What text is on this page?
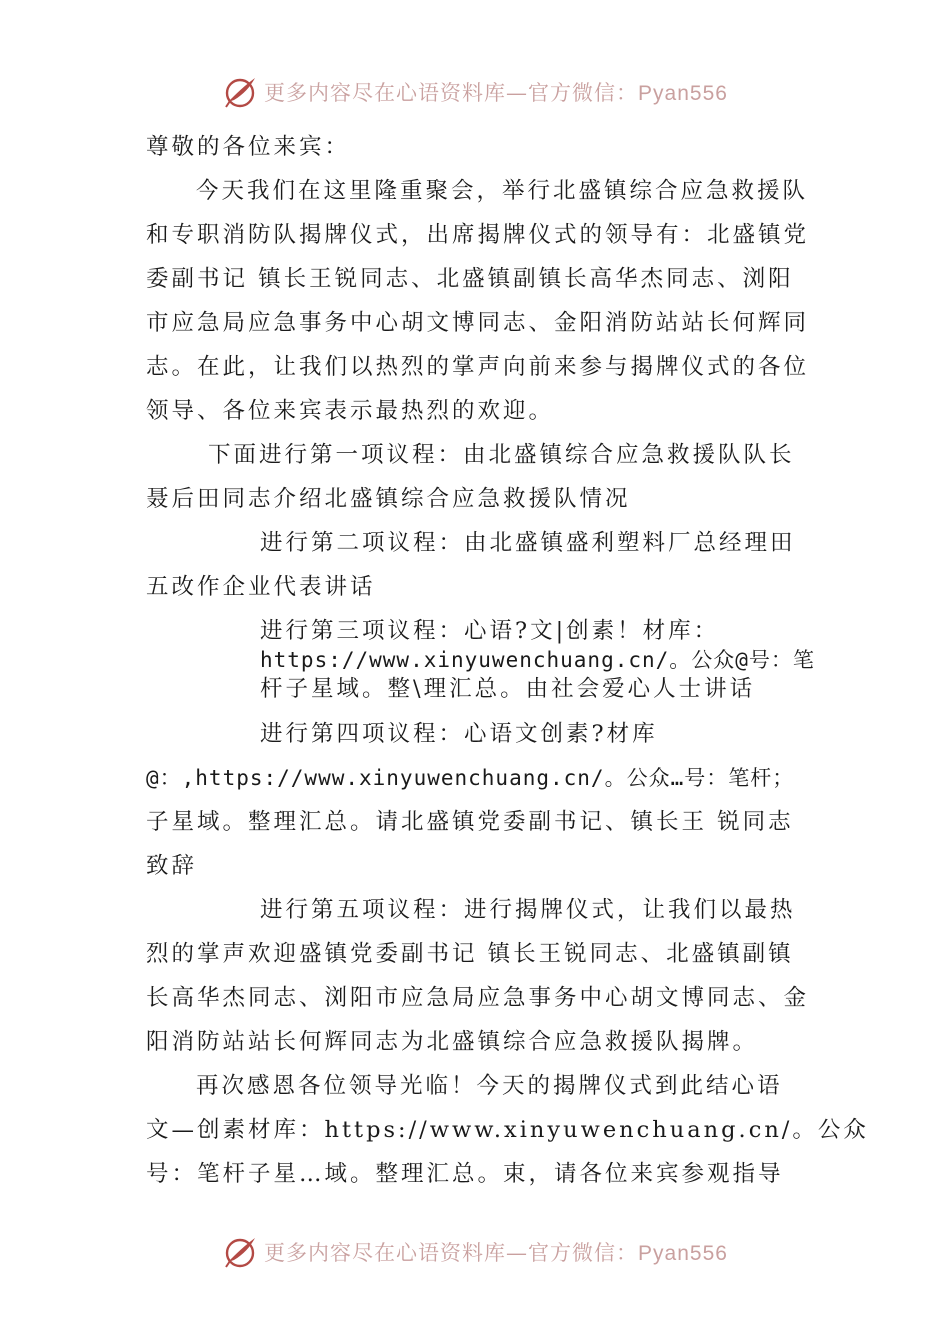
更多内容尽在心语资料库—官方微信：Pyan556
尊敬的各位来宾：
今天我们在这里隆重聚会，举行北盛镇综合应急救援队
和专职消防队揭牌仪式，出席揭牌仪式的领导有：北盛镇党
委副书记 镇长王锐同志、北盛镇副镇长高华杰同志、浏阳
市应急局应急事务中心胡文博同志、金阳消防站站长何辉同
志。在此，让我们以热烈的掌声向前来参与揭牌仪式的各位
领导、各位来宾表示最热烈的欢迎。
下面进行第一项议程：由北盛镇综合应急救援队队长
聂后田同志介绍北盛镇综合应急救援队情况
进行第二项议程：由北盛镇盛利塑料厂总经理田
五改作企业代表讲话
进行第三项议程：心语?文|创素！材库：
https://www.xinyuwenchuang.cn/。公众@号：笔
杆子星域。整\理汇总。由社会爱心人士讲话
进行第四项议程：心语文创素?材库
@：,https://www.xinyuwenchuang.cn/。公众…号：笔杆；
子星域。整理汇总。请北盛镇党委副书记、镇长王 锐同志
致辞
进行第五项议程：进行揭牌仪式，让我们以最热
烈的掌声欢迎盛镇党委副书记 镇长王锐同志、北盛镇副镇
长高华杰同志、浏阳市应急局应急事务中心胡文博同志、金
阳消防站站长何辉同志为北盛镇综合应急救援队揭牌。
再次感恩各位领导光临！今天的揭牌仪式到此结心语
文—创素材库：https://www.xinyuwenchuang.cn/。公众
号：笔杆子星…域。整理汇总。束，请各位来宾参观指导
更多内容尽在心语资料库—官方微信：Pyan556
